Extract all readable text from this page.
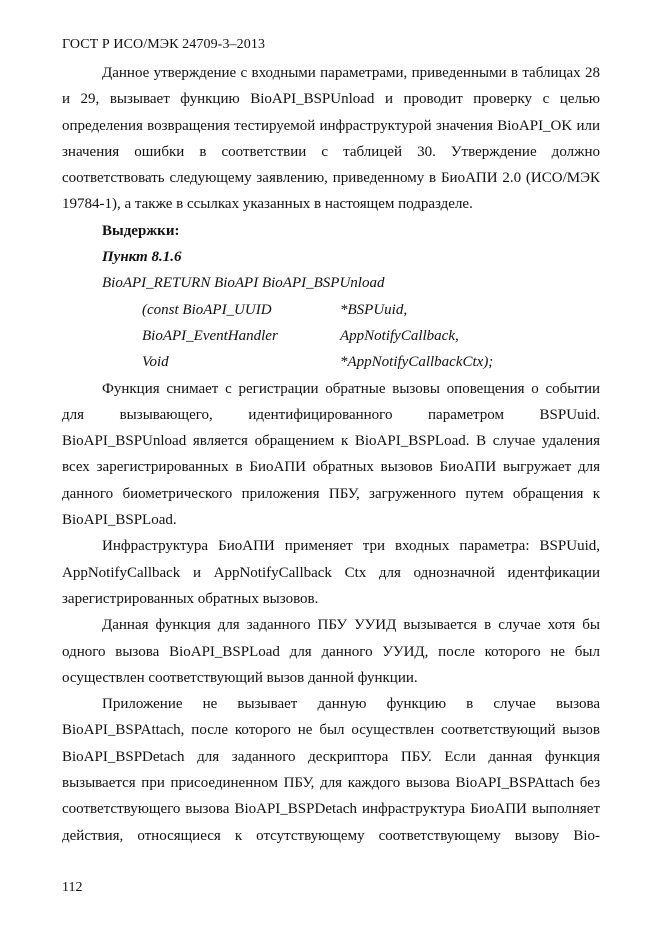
ГОСТ Р ИСО/МЭК 24709-3–2013

Данное утверждение с входными параметрами, приведенными в таблицах 28 и 29, вызывает функцию BioAPI_BSPUnload и проводит проверку с целью определения возвращения тестируемой инфраструктурой значения BioAPI_OK или значения ошибки в соответствии с таблицей 30. Утверждение должно соответствовать следующему заявлению, приведенному в БиоАПИ 2.0 (ИСО/МЭК 19784-1), а также в ссылках указанных в настоящем подразделе.

Выдержки:

Пункт 8.1.6

BioAPI_RETURN BioAPI BioAPI_BSPUnload

(const BioAPI_UUID	*BSPUuid,
BioAPI_EventHandler	AppNotifyCallback,
Void	*AppNotifyCallbackCtx);

Функция снимает с регистрации обратные вызовы оповещения о событии для вызывающего, идентифицированного параметром BSPUuid. BioAPI_BSPUnload является обращением к BioAPI_BSPLoad. В случае удаления всех зарегистрированных в БиоАПИ обратных вызовов БиоАПИ выгружает для данного биометрического приложения ПБУ, загруженного путем обращения к BioAPI_BSPLoad.

Инфраструктура БиоАПИ применяет три входных параметра: BSPUuid, AppNotifyCallback и AppNotifyCallback Ctx для однозначной идентфикации зарегистрированных обратных вызовов.

Данная функция для заданного ПБУ УУИД вызывается в случае хотя бы одного вызова BioAPI_BSPLoad для данного УУИД, после которого не был осуществлен соответствующий вызов данной функции.

Приложение не вызывает данную функцию в случае вызова BioAPI_BSPAttach, после которого не был осуществлен соответствующий вызов BioAPI_BSPDetach для заданного дескриптора ПБУ. Если данная функция вызывается при присоединенном ПБУ, для каждого вызова BioAPI_BSPAttach без соответствующего вызова BioAPI_BSPDetach инфраструктура БиоАПИ выполняет действия, относящиеся к отсутствующему соответствующему вызову Bio-

112
